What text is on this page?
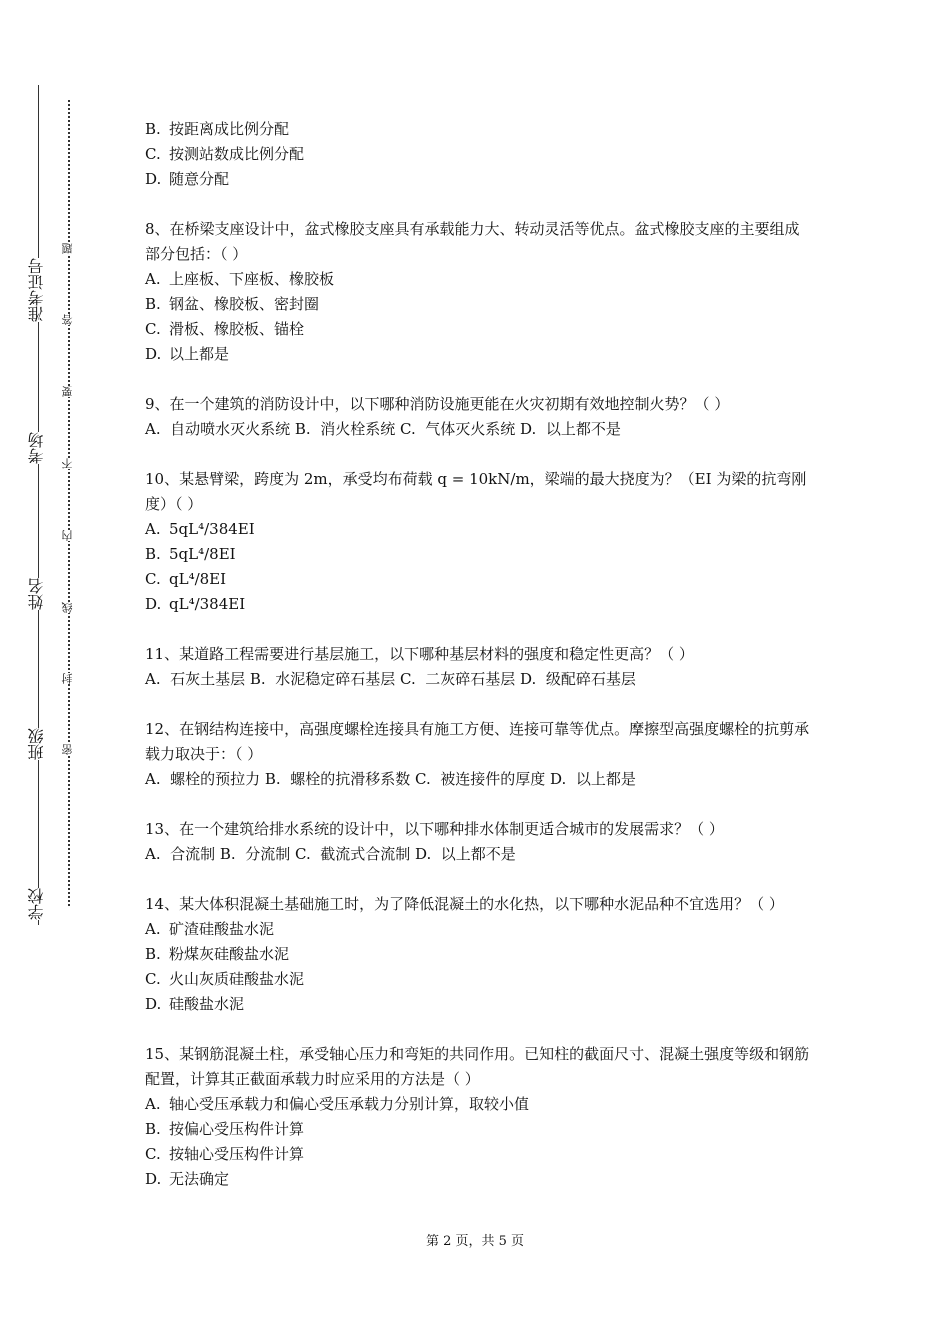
准考证号
考场
姓名
班级
学校
题
答
要
不
内
线
封
密
B. 按距离成比例分配
C. 按测站数成比例分配
D. 随意分配
8、在桥梁支座设计中，盆式橡胶支座具有承载能力大、转动灵活等优点。盆式橡胶支座的主要组成部分包括：（ ）
A. 上座板、下座板、橡胶板
B. 钢盆、橡胶板、密封圈
C. 滑板、橡胶板、锚栓
D. 以上都是
9、在一个建筑的消防设计中，以下哪种消防设施更能在火灾初期有效地控制火势？（ ）
A.  自动喷水灭火系统 B.  消火栓系统 C.  气体灭火系统 D.  以上都不是
10、某悬臂梁，跨度为 2m，承受均布荷载 q = 10kN/m，梁端的最大挠度为？（EI 为梁的抗弯刚度）（ ）
A. 5qL⁴/384EI
B. 5qL⁴/8EI
C. qL⁴/8EI
D. qL⁴/384EI
11、某道路工程需要进行基层施工，以下哪种基层材料的强度和稳定性更高？（ ）
A.  石灰土基层 B.  水泥稳定碎石基层 C.  二灰碎石基层 D.  级配碎石基层
12、在钢结构连接中，高强度螺栓连接具有施工方便、连接可靠等优点。摩擦型高强度螺栓的抗剪承载力取决于：（ ）
A.  螺栓的预拉力 B.  螺栓的抗滑移系数 C.  被连接件的厚度 D.  以上都是
13、在一个建筑给排水系统的设计中，以下哪种排水体制更适合城市的发展需求？（ ）
A.  合流制 B.  分流制 C.  截流式合流制 D.  以上都不是
14、某大体积混凝土基础施工时，为了降低混凝土的水化热，以下哪种水泥品种不宜选用？（ ）
A. 矿渣硅酸盐水泥
B. 粉煤灰硅酸盐水泥
C. 火山灰质硅酸盐水泥
D. 硅酸盐水泥
15、某钢筋混凝土柱，承受轴心压力和弯矩的共同作用。已知柱的截面尺寸、混凝土强度等级和钢筋配置，计算其正截面承载力时应采用的方法是（ ）
A. 轴心受压承载力和偏心受压承载力分别计算，取较小值
B. 按偏心受压构件计算
C. 按轴心受压构件计算
D. 无法确定
第 2 页，共 5 页
